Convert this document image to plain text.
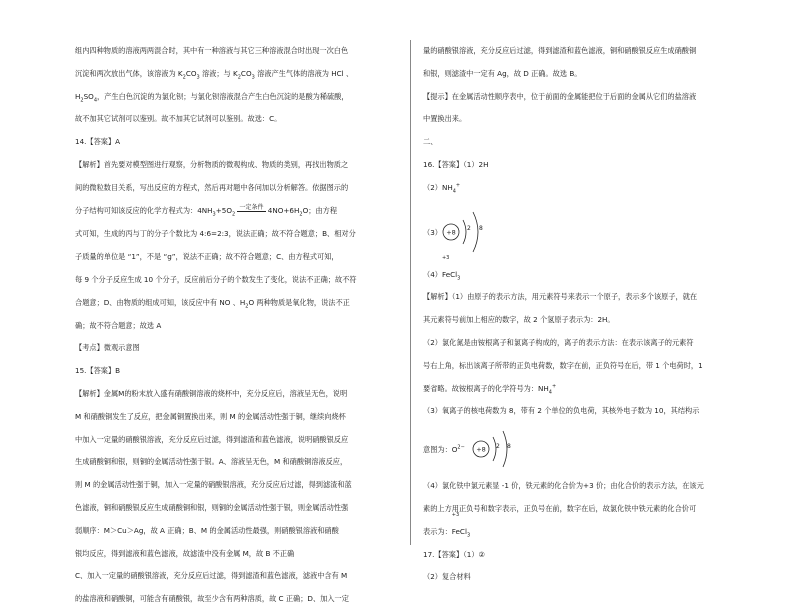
组内四种物质的溶液两两混合时，其中有一种溶液与其它三种溶液混合时出现一次白色

沉淀和两次放出气体，该溶液为 $K_2CO_3$ 溶液；与 $K_2CO_3$ 溶液产生气体的溶液为 HCl 、

$H_2SO_4$，产生白色沉淀的为氯化钡；与氯化钡溶液混合产生白色沉淀的是酸为稀硫酸，

故不加其它试剂可以鉴别。故不加其它试剂可以鉴别。故选：C。

14.【答案】A

【解析】首先要对模型图进行观察，分析物质的微观构成、物质的类别，再找出物质之

间的微粒数目关系，写出反应的方程式，然后再对题中各问加以分析解答。依据图示的

分子结构可知该反应的化学方程式为：$4NH_3+5O_2$ $^{一定条件}$ $4NO+6H_2O$；由方程

式可知，生成的丙与丁的分子个数比为 4:6=2:3，说法正确；故不符合题意；B、相对分

子质量的单位是 “1”，不是 “g”，说法不正确；故不符合题意；C、由方程式可知，

每 9 个分子反应生成 10 个分子，反应前后分子的个数发生了变化，说法不正确；故不符

合题意；D、由物质的组成可知，该反应中有 NO 、$H_2O$ 两种物质是氧化物，说法不正

确；故不符合题意；故选 A

【考点】微观示意图

15.【答案】B

【解析】金属M的粉末放入盛有硝酸铜溶液的烧杯中，充分反应后，溶液呈无色，说明

M 和硝酸铜发生了反应，把金属铜置换出来，则 M 的金属活动性强于铜，继续向烧杯

中加入一定量的硝酸银溶液，充分反应后过滤，得到滤渣和蓝色滤液，说明硝酸银反应

生成硝酸铜和银，则铜的金属活动性强于银。A、溶液呈无色，M 和硝酸铜溶液反应，

则 M 的金属活动性强于铜，加入一定量的硝酸银溶液，充分反应后过滤，得到滤渣和蓝

色滤液，铜和硝酸银反应生成硝酸铜和银，则铜的金属活动性强于银，则金属活动性强

弱顺序：M＞Cu＞Ag，故 A 正确；B、M 的金属活动性最强，则硝酸银溶液和硝酸

银均反应，得到滤液和蓝色滤液，故滤渣中没有金属 M，故 B 不正确

C、加入一定量的硝酸银溶液，充分反应后过滤，得到滤渣和蓝色滤液，滤液中含有 M

的盐溶液和硝酸铜，可能含有硝酸银，故至少含有两种溶质，故 C 正确；D、加入一定

量的硝酸银溶液，充分反应后过滤，得到滤渣和蓝色滤液，铜和硝酸银反应生成硝酸铜

和银，则滤渣中一定有 Ag，故 D 正确。故选 B。

【提示】在金属活动性顺序表中，位于前面的金属能把位于后面的金属从它们的盐溶液

中置换出来。

二、

16.【答案】（1）2H

$(2)NH_4^+$

（3） +8 2 8

（4）
+3
FeCl$_3$

【解析】（1）由原子的表示方法，用元素符号来表示一个原子，表示多个该原子，就在

其元素符号前加上相应的数字，故 2 个氢原子表示为：2H。

（2）氯化氮是由铵根离子和氯离子构成的，离子的表示方法：在表示该离子的元素符

号右上角，标出该离子所带的正负电荷数，数字在前，正负符号在后，带 1 个电荷时，1

要省略。故铵根离子的化学符号为：$NH_4^+$

（3）氧离子的核电荷数为 8，带有 2 个单位的负电荷，其核外电子数为 10，其结构示

意图为：$O^{2-} +8$ 2 8

（4）氯化铁中氯元素显 -1 价，铁元素的化合价为+3 价；由化合价的表示方法，在该元

素的上方用正负号和数字表示，正负号在前，数字在后，故氯化铁中铁元素的化合价可

表示为：
+3
FeCl$_3$

17.【答案】（1）②

（2）复合材料
